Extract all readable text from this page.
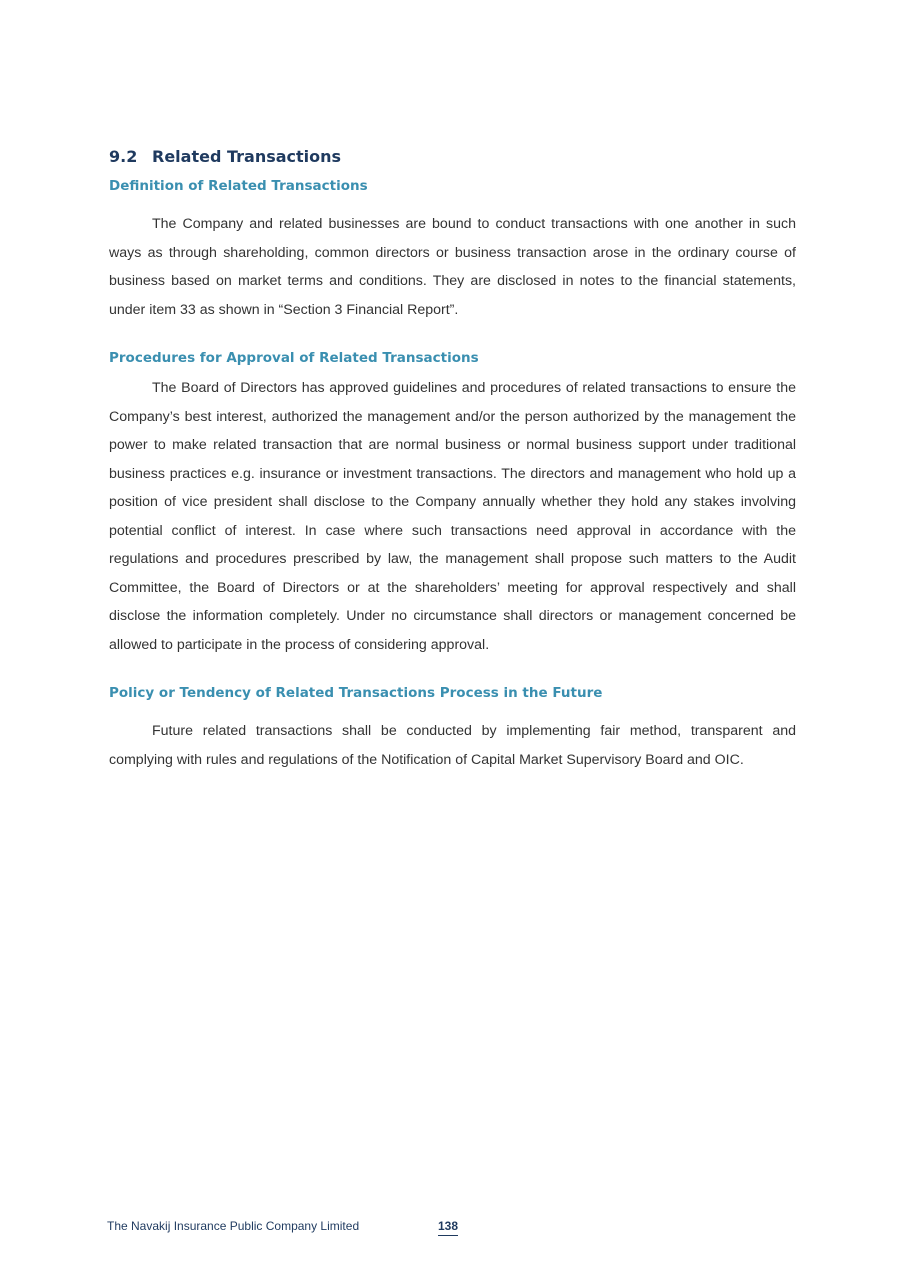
9.2 Related Transactions
Definition of Related Transactions

The Company and related businesses are bound to conduct transactions with one another in such ways as through shareholding, common directors or business transaction arose in the ordinary course of business based on market terms and conditions. They are disclosed in notes to the financial statements, under item 33 as shown in “Section 3 Financial Report”.

Procedures for Approval of Related Transactions

The Board of Directors has approved guidelines and procedures of related transactions to ensure the Company’s best interest, authorized the management and/or the person authorized by the management the power to make related transaction that are normal business or normal business support under traditional business practices e.g. insurance or investment transactions. The directors and management who hold up a position of vice president shall disclose to the Company annually whether they hold any stakes involving potential conflict of interest. In case where such transactions need approval in accordance with the regulations and procedures prescribed by law, the management shall propose such matters to the Audit Committee, the Board of Directors or at the shareholders’ meeting for approval respectively and shall disclose the information completely. Under no circumstance shall directors or management concerned be allowed to participate in the process of considering approval.

Policy or Tendency of Related Transactions Process in the Future

Future related transactions shall be conducted by implementing fair method, transparent and complying with rules and regulations of the Notification of Capital Market Supervisory Board and OIC.

The Navakij Insurance Public Company Limited	138
